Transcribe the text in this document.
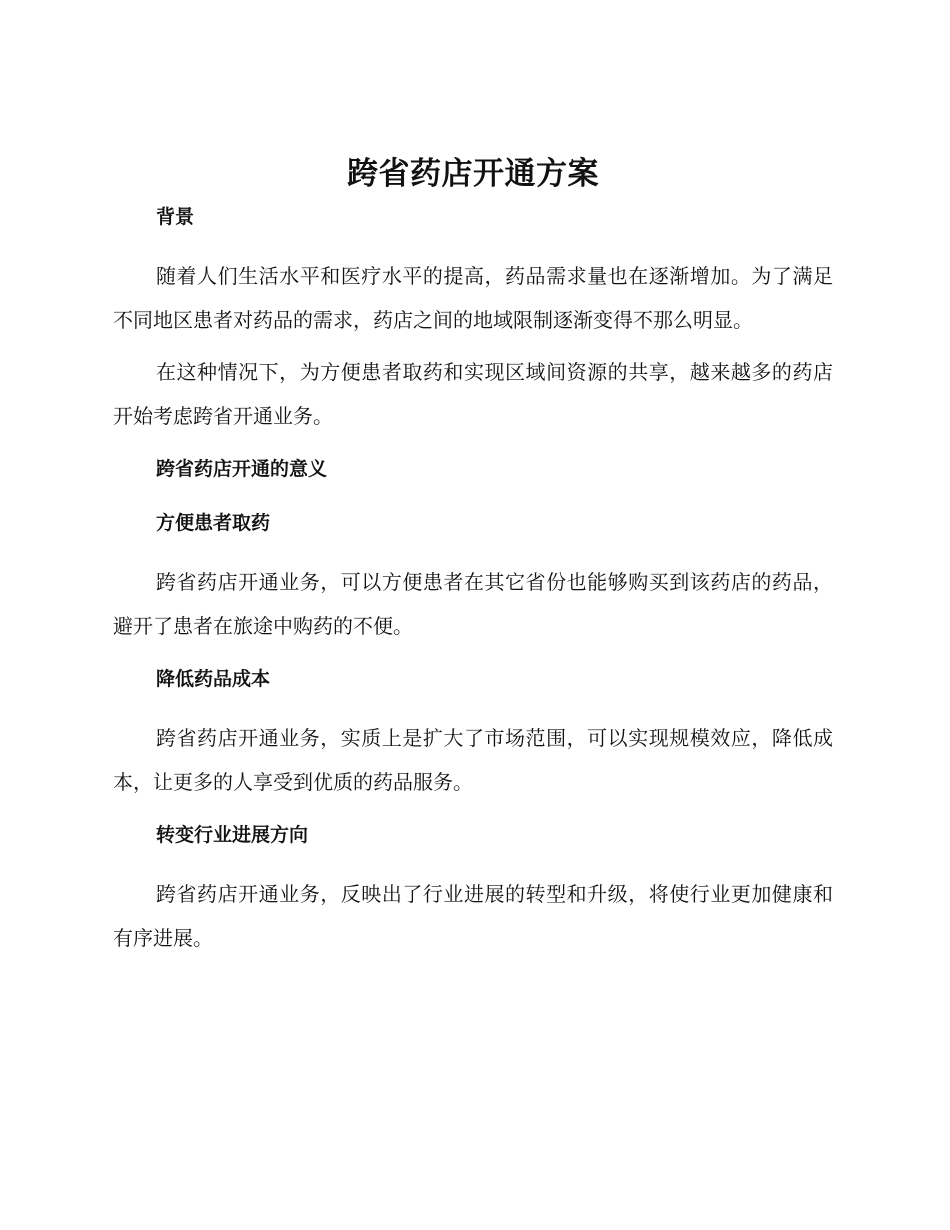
跨省药店开通方案
背景

随着人们生活水平和医疗水平的提高，药品需求量也在逐渐增加。为了满足不同地区患者对药品的需求，药店之间的地域限制逐渐变得不那么明显。

在这种情况下，为方便患者取药和实现区域间资源的共享，越来越多的药店开始考虑跨省开通业务。

跨省药店开通的意义
方便患者取药

跨省药店开通业务，可以方便患者在其它省份也能够购买到该药店的药品，避开了患者在旅途中购药的不便。

降低药品成本

跨省药店开通业务，实质上是扩大了市场范围，可以实现规模效应，降低成本，让更多的人享受到优质的药品服务。

转变行业进展方向

跨省药店开通业务，反映出了行业进展的转型和升级，将使行业更加健康和有序进展。
